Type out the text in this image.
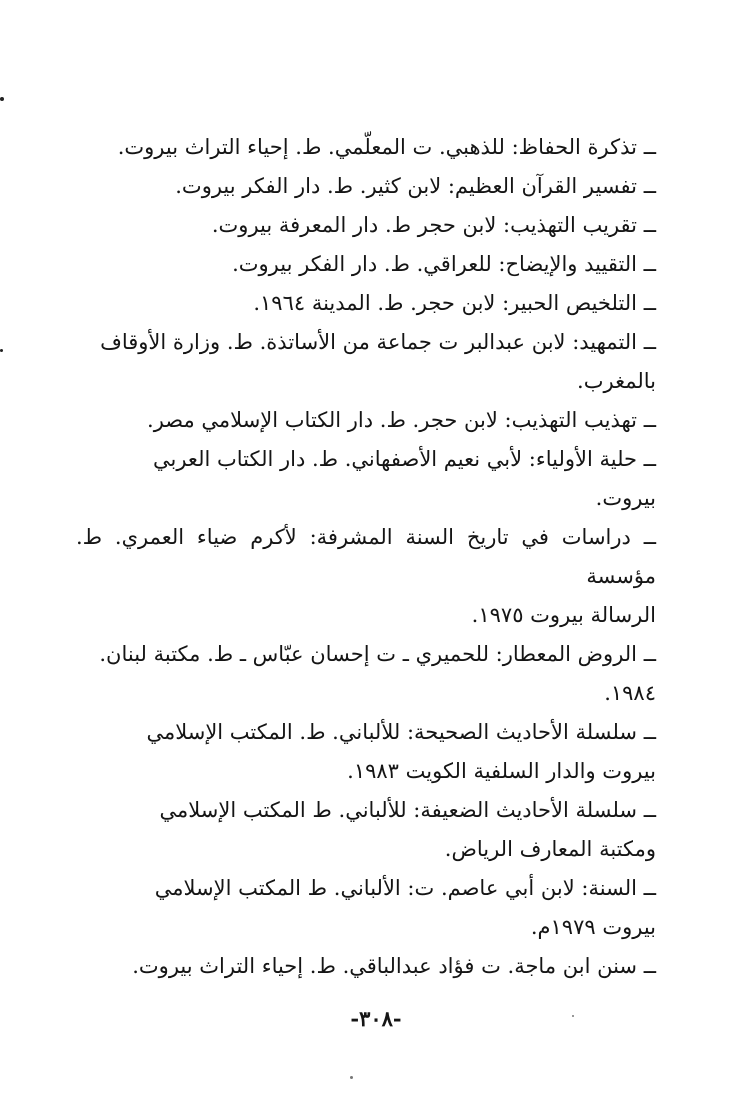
ــ تذكرة الحفاظ: للذهبي. ت المعلّمي. ط. إحياء التراث بيروت.
ــ تفسير القرآن العظيم: لابن كثير. ط. دار الفكر بيروت.
ــ تقريب التهذيب: لابن حجر ط. دار المعرفة بيروت.
ــ التقييد والإيضاح: للعراقي. ط. دار الفكر بيروت.
ــ التلخيص الحبير: لابن حجر. ط. المدينة ١٩٦٤.
ــ التمهيد: لابن عبدالبر ت جماعة من الأساتذة. ط. وزارة الأوقاف
بالمغرب.
ــ تهذيب التهذيب: لابن حجر. ط. دار الكتاب الإسلامي مصر.
ــ حلية الأولياء: لأبي نعيم الأصفهاني. ط. دار الكتاب العربي
بيروت.
ــ دراسات في تاريخ السنة المشرفة: لأكرم ضياء العمري. ط. مؤسسة
الرسالة بيروت ١٩٧٥.
ــ الروض المعطار: للحميري ـ ت إحسان عبّاس ـ ط. مكتبة لبنان.
١٩٨٤.
ــ سلسلة الأحاديث الصحيحة: للألباني. ط. المكتب الإسلامي
بيروت والدار السلفية الكويت ١٩٨٣.
ــ سلسلة الأحاديث الضعيفة: للألباني. ط المكتب الإسلامي
ومكتبة المعارف الرياض.
ــ السنة: لابن أبي عاصم. ت: الألباني. ط المكتب الإسلامي
بيروت ١٩٧٩م.
ــ سنن ابن ماجة. ت فؤاد عبدالباقي. ط. إحياء التراث بيروت.
-٣٠٨-
